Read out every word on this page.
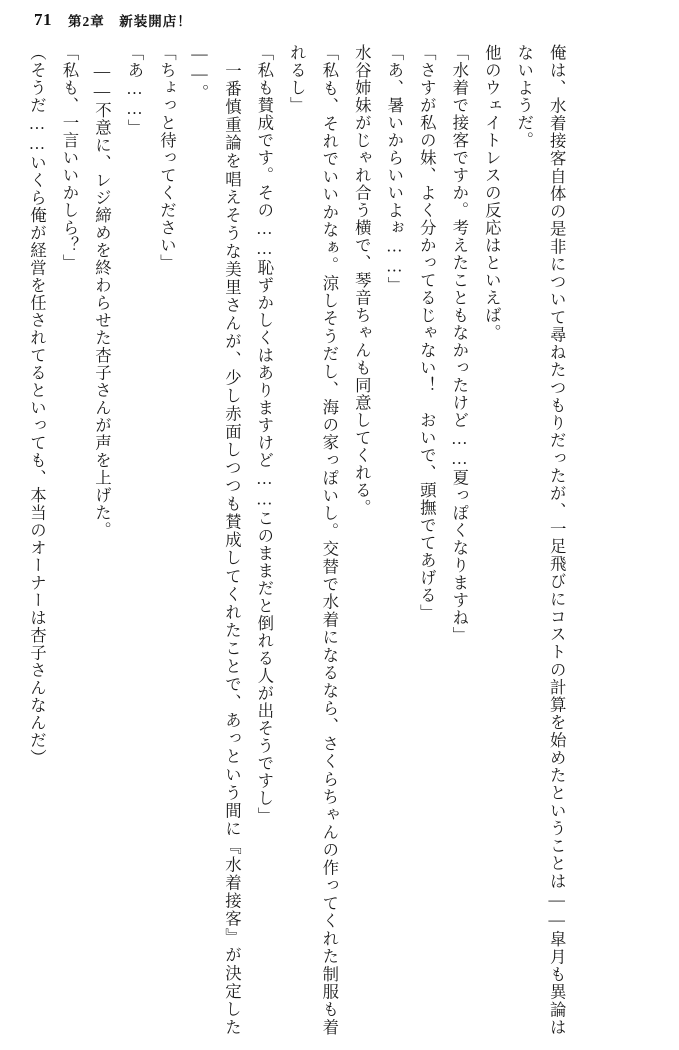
71 第2章　新装開店！

俺は、水着接客自体の是非について尋ねたつもりだったが、一足飛びにコストの計算を始めたということは——皐月も異論はないようだ。

他のウェイトレスの反応はといえば。

「水着で接客ですか。考えたこともなかったけど……夏っぽくなりますね」

「さすが私の妹、よく分かってるじゃない！　おいで、頭撫でてあげる」

「あ、暑いからいいよぉ……」

水谷姉妹がじゃれ合う横で、琴音ちゃんも同意してくれる。

「私も、それでいいかなぁ。涼しそうだし、海の家っぽいし。交替で水着になるなら、さくらちゃんの作ってくれた制服も着れるし」

「私も賛成です。その……恥ずかしくはありますけど……このままだと倒れる人が出そうですし」

　一番慎重論を唱えそうな美里さんが、少し赤面しつつも賛成してくれたことで、あっという間に『水着接客』が決定した——。

「ちょっと待ってください」

「あ……」

　——不意に、レジ締めを終わらせた杏子さんが声を上げた。

「私も、一言いいかしら？」

（そうだ……いくら俺が経営を任されてるといっても、本当のオーナーは杏子さんなんだ）
